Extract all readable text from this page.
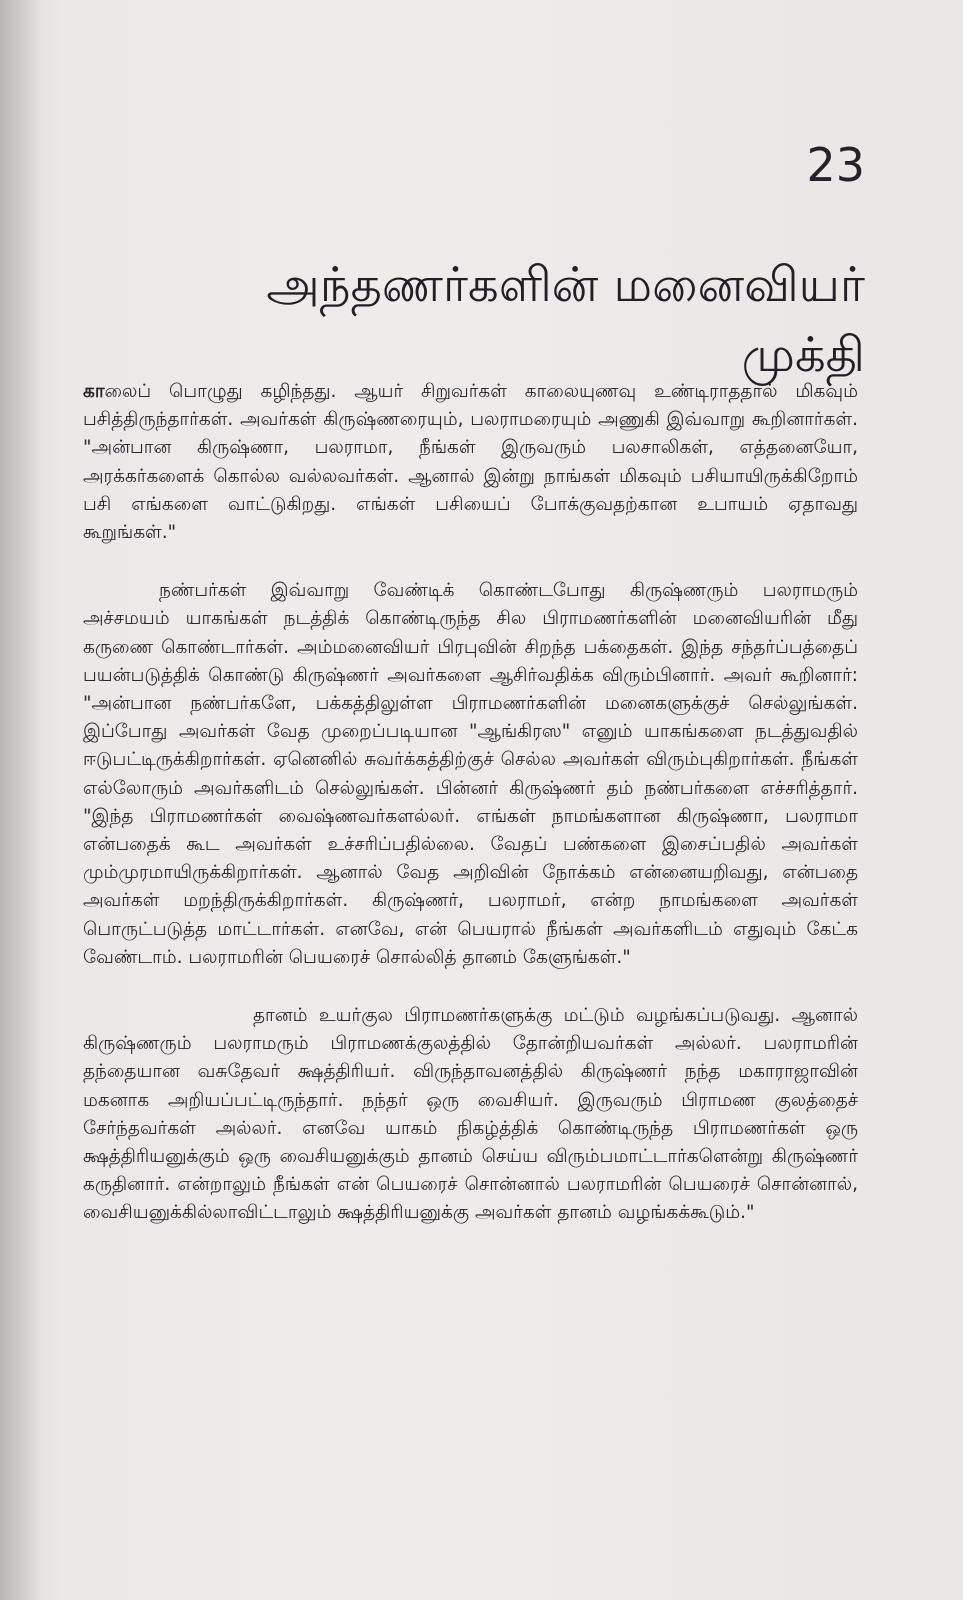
23
அந்தணர்களின் மனைவியர் முக்தி

காலைப் பொழுது கழிந்தது. ஆயர் சிறுவர்கள் காலையுணவு உண்டிராததால் மிகவும் பசித்திருந்தார்கள். அவர்கள் கிருஷ்ணரையும், பலராமரையும் அணுகி இவ்வாறு கூறினார்கள். "அன்பான கிருஷ்ணா, பலராமா, நீங்கள் இருவரும் பலசாலிகள், எத்தனையோ, அரக்கர்களைக் கொல்ல வல்லவர்கள். ஆனால் இன்று நாங்கள் மிகவும் பசியாயிருக்கிறோம் பசி எங்களை வாட்டுகிறது. எங்கள் பசியைப் போக்குவதற்கான உபாயம் ஏதாவது கூறுங்கள்."

நண்பர்கள் இவ்வாறு வேண்டிக் கொண்டபோது கிருஷ்ணரும் பலராமரும் அச்சமயம் யாகங்கள் நடத்திக் கொண்டிருந்த சில பிராமணர்களின் மனைவியரின் மீது கருணை கொண்டார்கள். அம்மனைவியர் பிரபுவின் சிறந்த பக்தைகள். இந்த சந்தர்ப்பத்தைப் பயன்படுத்திக் கொண்டு கிருஷ்ணர் அவர்களை ஆசிர்வதிக்க விரும்பினார். அவர் கூறினார்: "அன்பான நண்பர்களே, பக்கத்திலுள்ள பிராமணர்களின் மனைகளுக்குச் செல்லுங்கள். இப்போது அவர்கள் வேத முறைப்படியான "ஆங்கிரஸ" எனும் யாகங்களை நடத்துவதில் ஈடுபட்டிருக்கிறார்கள். ஏனெனில் சுவர்க்கத்திற்குச் செல்ல அவர்கள் விரும்புகிறார்கள். நீங்கள் எல்லோரும் அவர்களிடம் செல்லுங்கள். பின்னர் கிருஷ்ணர் தம் நண்பர்களை எச்சரித்தார். "இந்த பிராமணர்கள் வைஷ்ணவர்களல்லர். எங்கள் நாமங்களான கிருஷ்ணா, பலராமா என்பதைக் கூட அவர்கள் உச்சரிப்பதில்லை. வேதப் பண்களை இசைப்பதில் அவர்கள் மும்முரமாயிருக்கிறார்கள். ஆனால் வேத அறிவின் நோக்கம் என்னையறிவது, என்பதை அவர்கள் மறந்திருக்கிறார்கள். கிருஷ்ணர், பலராமர், என்ற நாமங்களை அவர்கள் பொருட்படுத்த மாட்டார்கள். எனவே, என் பெயரால் நீங்கள் அவர்களிடம் எதுவும் கேட்க வேண்டாம். பலராமரின் பெயரைச் சொல்லித் தானம் கேளுங்கள்."

தானம் உயர்குல பிராமணர்களுக்கு மட்டும் வழங்கப்படுவது. ஆனால் கிருஷ்ணரும் பலராமரும் பிராமணக்குலத்தில் தோன்றியவர்கள் அல்லர். பலராமரின் தந்தையான வசுதேவர் க்ஷத்திரியர். விருந்தாவனத்தில் கிருஷ்ணர் நந்த மகாராஜாவின் மகனாக அறியப்பட்டிருந்தார். நந்தர் ஒரு வைசியர். இருவரும் பிராமண குலத்தைச் சேர்ந்தவர்கள் அல்லர். எனவே யாகம் நிகழ்த்திக் கொண்டிருந்த பிராமணர்கள் ஒரு க்ஷத்திரியனுக்கும் ஒரு வைசியனுக்கும் தானம் செய்ய விரும்பமாட்டார்களென்று கிருஷ்ணர் கருதினார். என்றாலும் நீங்கள் என் பெயரைச் சொன்னால் பலராமரின் பெயரைச் சொன்னால், வைசியனுக்கில்லாவிட்டாலும் க்ஷத்திரியனுக்கு அவர்கள் தானம் வழங்கக்கூடும்."
